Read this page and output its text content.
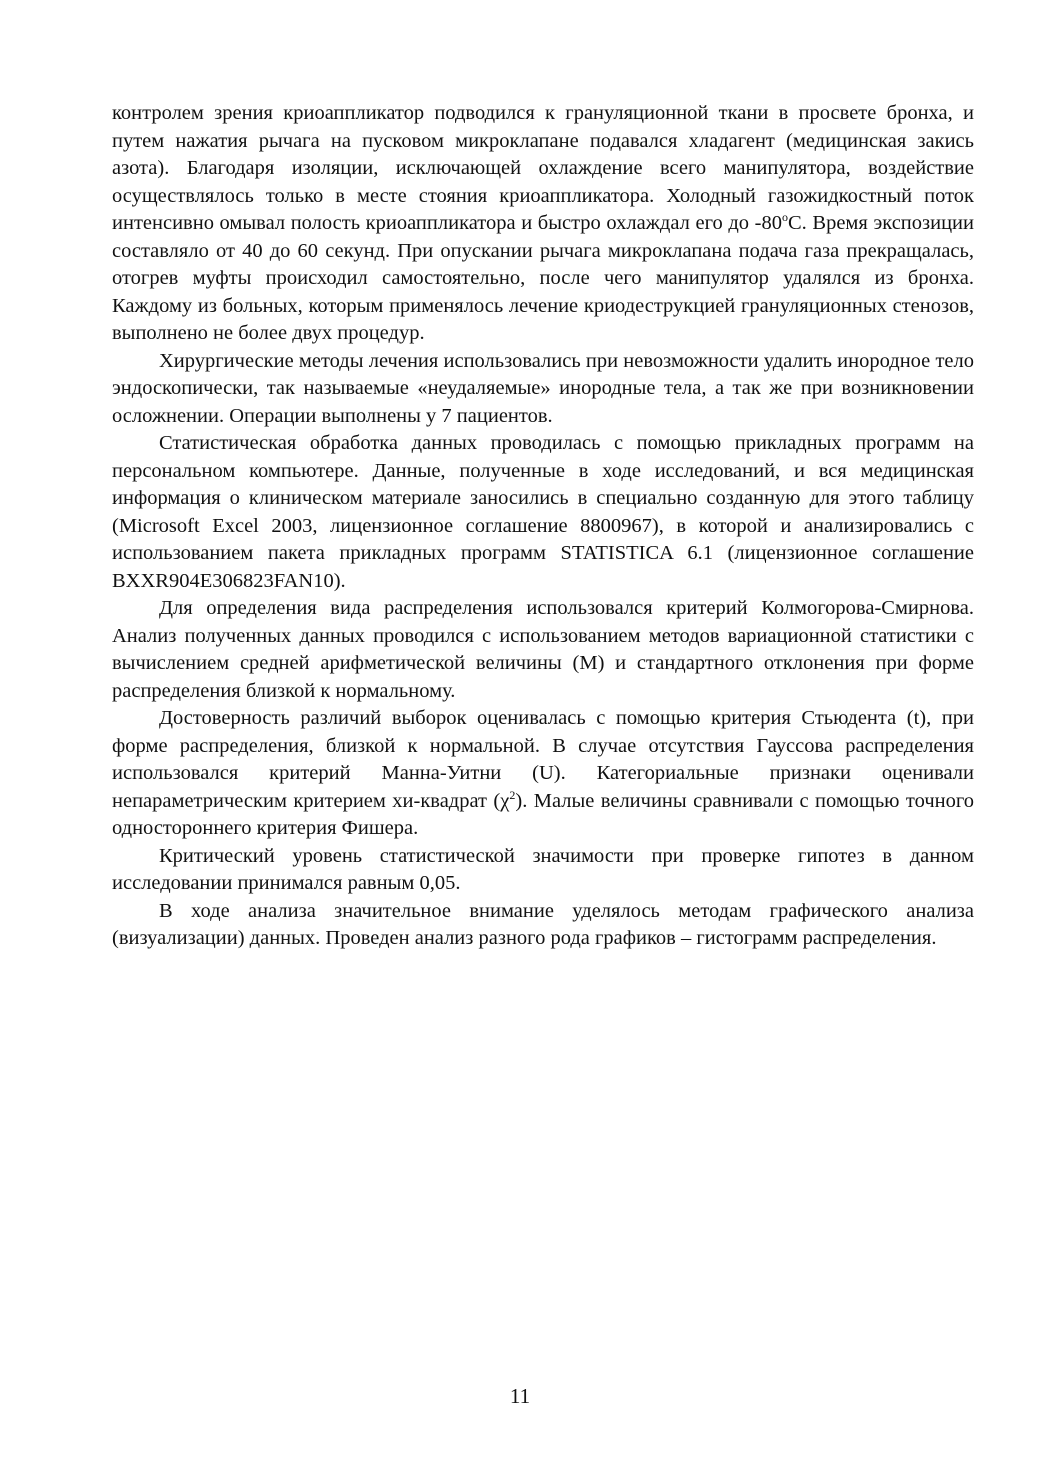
контролем зрения криоаппликатор подводился к грануляционной ткани в просвете бронха, и путем нажатия рычага на пусковом микроклапане подавался хладагент (медицинская закись азота). Благодаря изоляции, исключающей охлаждение всего манипулятора, воздействие осуществлялось только в месте стояния криоаппликатора. Холодный газожидкостный поток интенсивно омывал полость криоаппликатора и быстро охлаждал его до -80$^o$C. Время экспозиции составляло от 40 до 60 секунд. При опускании рычага микроклапана подача газа прекращалась, отогрев муфты происходил самостоятельно, после чего манипулятор удалялся из бронха. Каждому из больных, которым применялось лечение криодеструкцией грануляционных стенозов, выполнено не более двух процедур.

Хирургические методы лечения использовались при невозможности удалить инородное тело эндоскопически, так называемые «неудаляемые» инородные тела, а так же при возникновении осложнении. Операции выполнены у 7 пациентов.

Статистическая обработка данных проводилась с помощью прикладных программ на персональном компьютере. Данные, полученные в ходе исследований, и вся медицинская информация о клиническом материале заносились в специально созданную для этого таблицу (Microsoft Excel 2003, лицензионное соглашение 8800967), в которой и анализировались с использованием пакета прикладных программ STATISTICA 6.1 (лицензионное соглашение BXXR904E306823FAN10).

Для определения вида распределения использовался критерий Колмогорова-Смирнова. Анализ полученных данных проводился с использованием методов вариационной статистики с вычислением средней арифметической величины (М) и стандартного отклонения при форме распределения близкой к нормальному.

Достоверность различий выборок оценивалась с помощью критерия Стьюдента (t), при форме распределения, близкой к нормальной. В случае отсутствия Гауссова распределения использовался критерий Манна-Уитни (U). Категориальные признаки оценивали непараметрическим критерием хи-квадрат $(\chi^2)$. Малые величины сравнивали с помощью точного одностороннего критерия Фишера.

Критический уровень статистической значимости при проверке гипотез в данном исследовании принимался равным 0,05.

В ходе анализа значительное внимание уделялось методам графического анализа (визуализации) данных. Проведен анализ разного рода графиков – гистограмм распределения.

11
